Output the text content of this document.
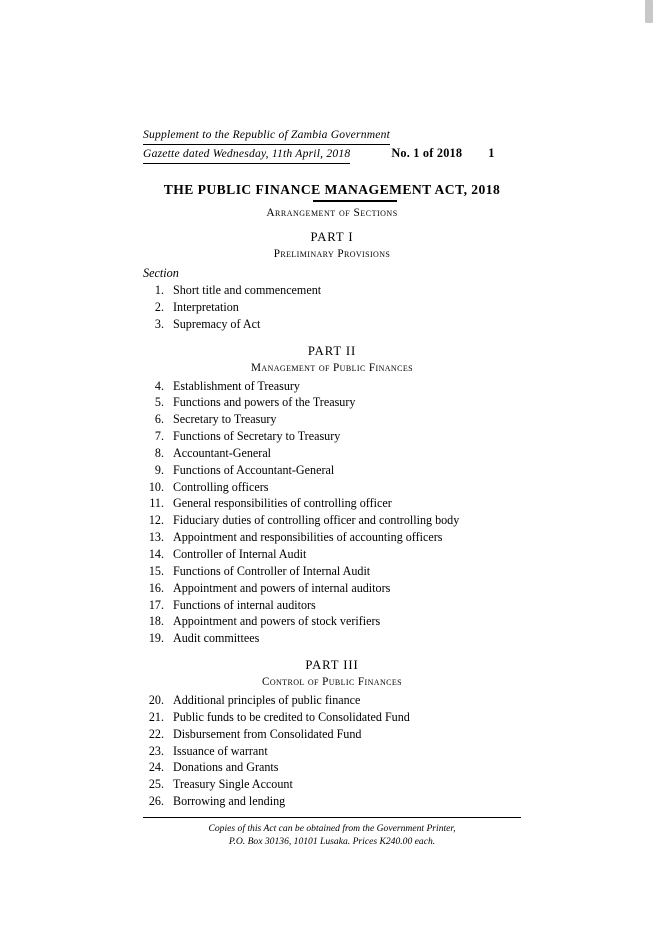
Supplement to the Republic of Zambia Government
Gazette dated Wednesday, 11th April, 2018	No. 1 of 2018 1
THE PUBLIC FINANCE MANAGEMENT ACT, 2018
Arrangement of Sections
PART I
Preliminary Provisions
Section
1. Short title and commencement
2. Interpretation
3. Supremacy of Act
PART II
Management of Public Finances
4. Establishment of Treasury
5. Functions and powers of the Treasury
6. Secretary to Treasury
7. Functions of Secretary to Treasury
8. Accountant-General
9. Functions of Accountant-General
10. Controlling officers
11. General responsibilities of controlling officer
12. Fiduciary duties of controlling officer and controlling body
13. Appointment and responsibilities of accounting officers
14. Controller of Internal Audit
15. Functions of Controller of Internal Audit
16. Appointment and powers of internal auditors
17. Functions of internal auditors
18. Appointment and powers of stock verifiers
19. Audit committees
PART III
Control of Public Finances
20. Additional principles of public finance
21. Public funds to be credited to Consolidated Fund
22. Disbursement from Consolidated Fund
23. Issuance of warrant
24. Donations and Grants
25. Treasury Single Account
26. Borrowing and lending
Copies of this Act can be obtained from the Government Printer,
P.O. Box 30136, 10101 Lusaka. Prices K240.00 each.
